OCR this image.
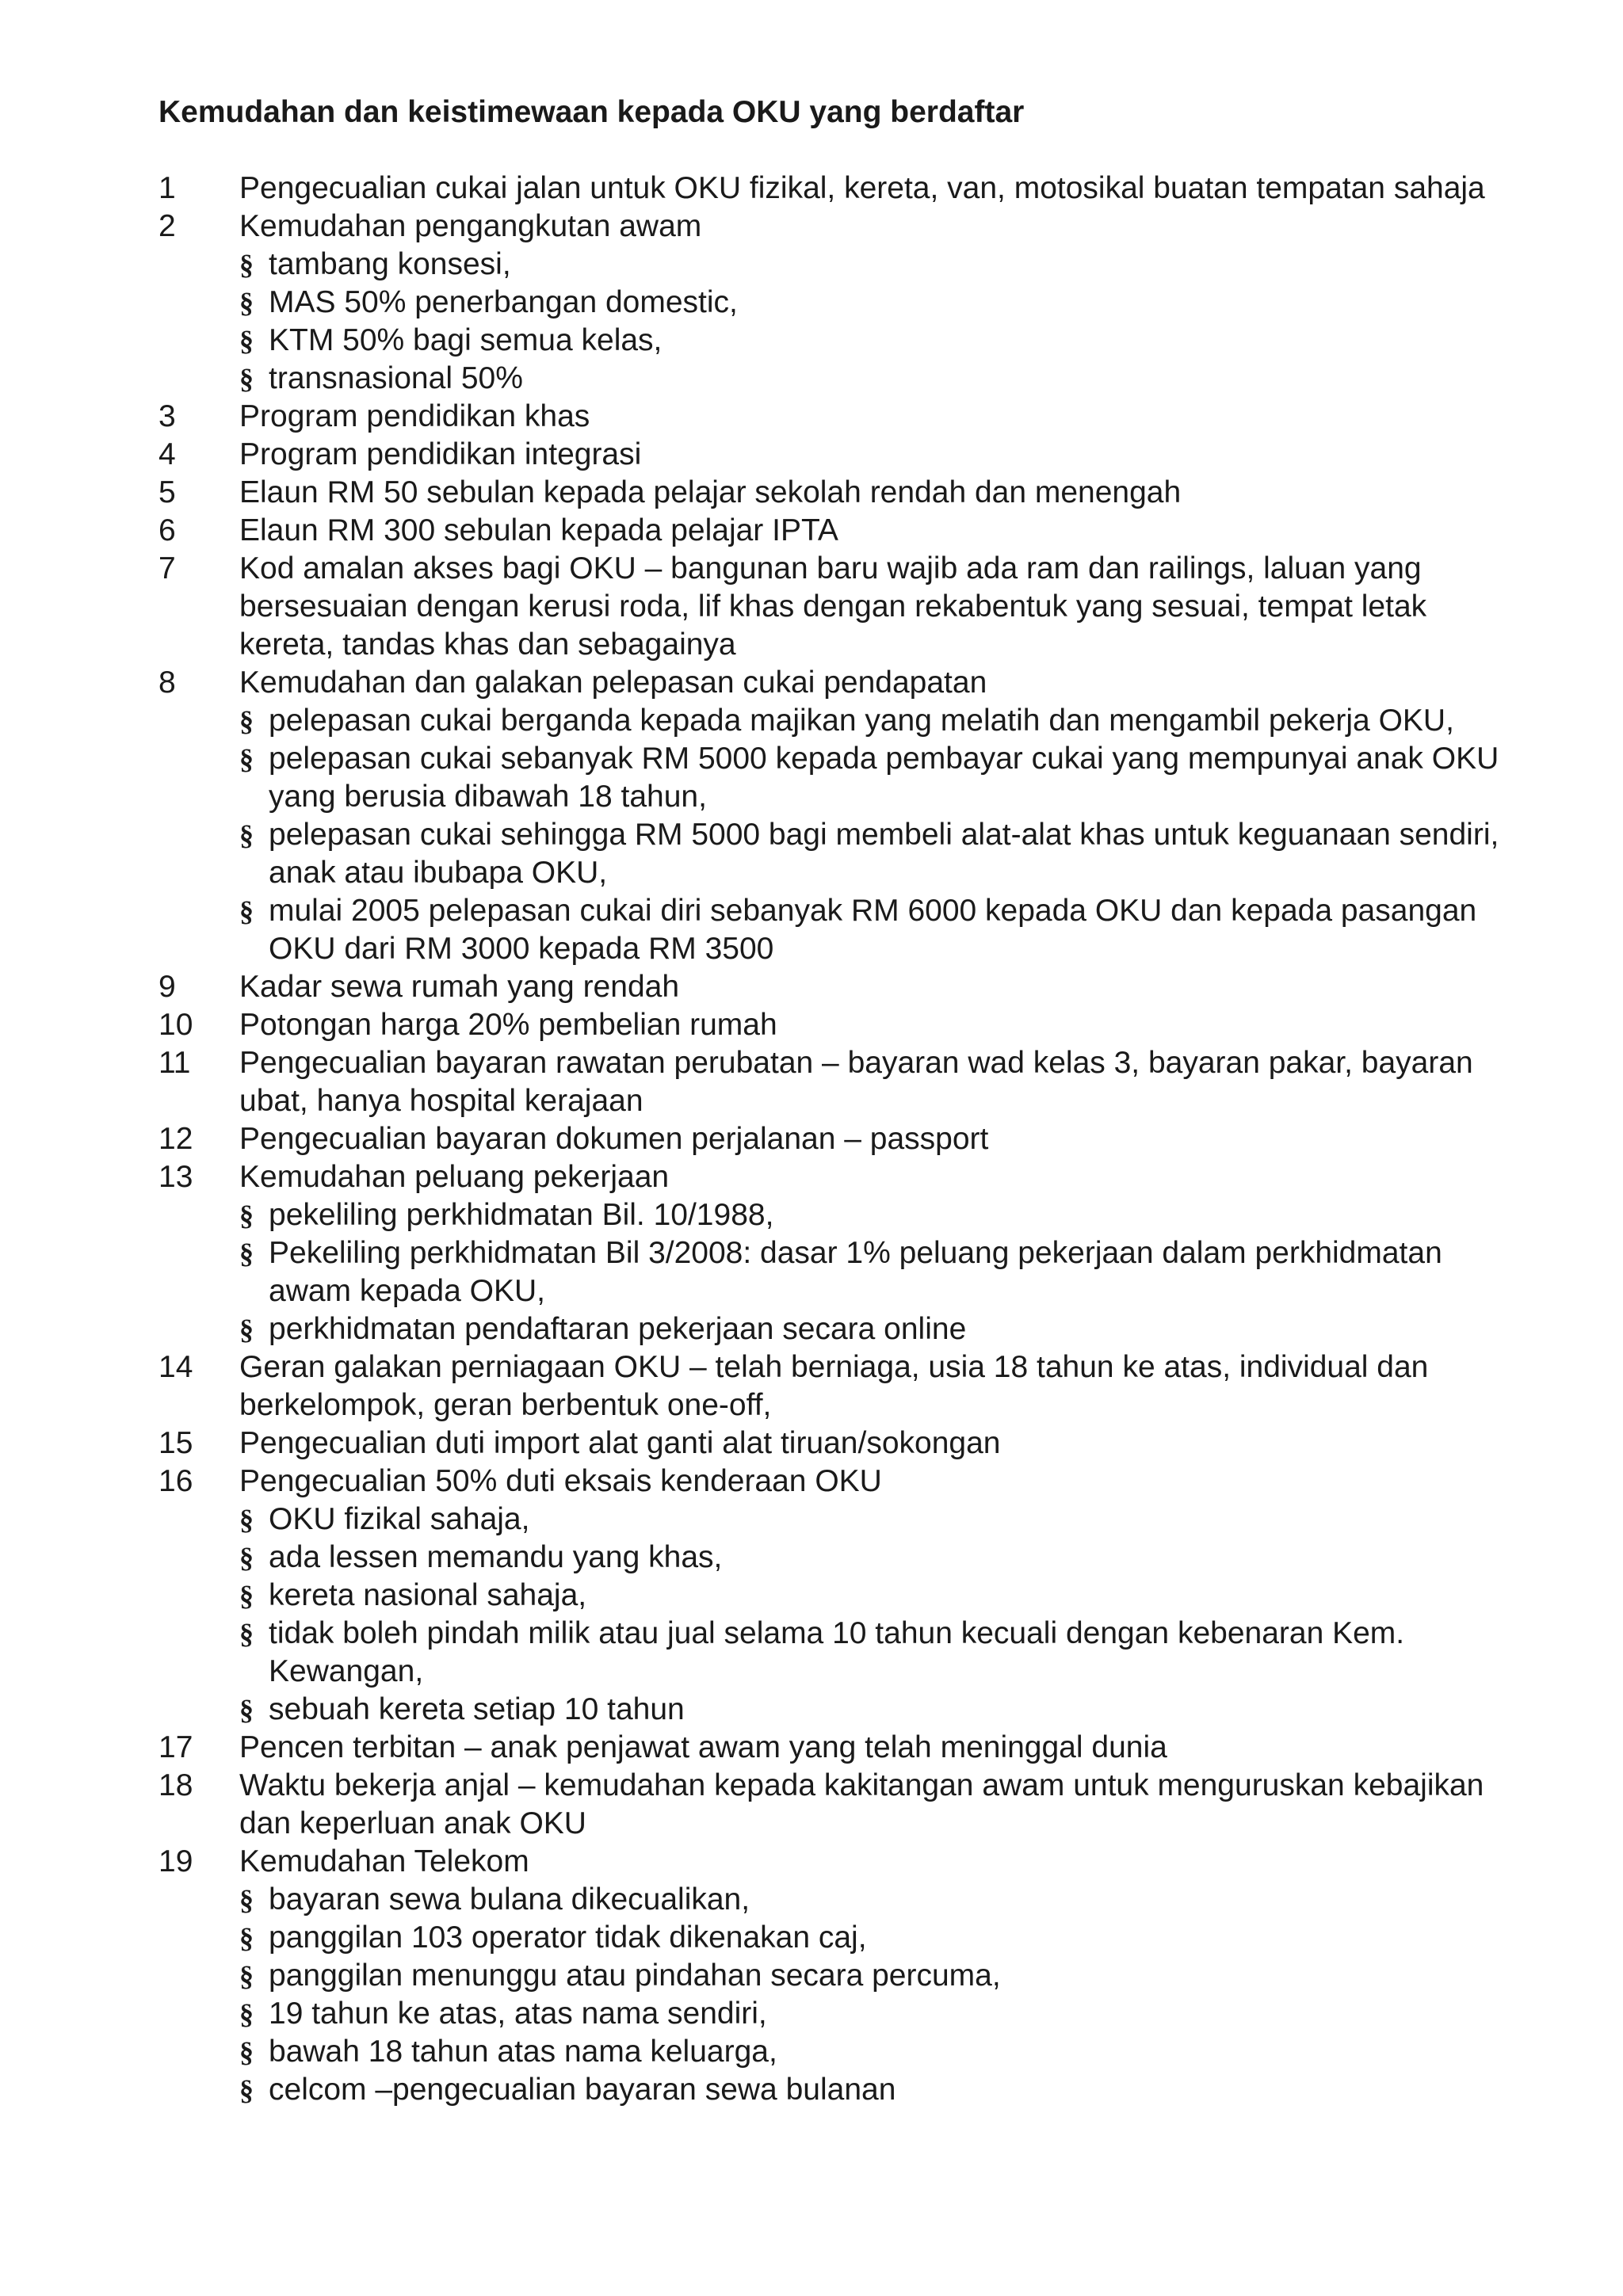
Kemudahan dan keistimewaan kepada OKU yang berdaftar
1	Pengecualian cukai jalan untuk OKU fizikal, kereta, van, motosikal buatan tempatan sahaja
2	Kemudahan pengangkutan awam
§ tambang konsesi,
§ MAS 50% penerbangan domestic,
§ KTM 50% bagi semua kelas,
§ transnasional 50%
3	Program pendidikan khas
4	Program pendidikan integrasi
5	Elaun RM 50 sebulan kepada pelajar sekolah rendah dan menengah
6	Elaun RM 300 sebulan kepada pelajar IPTA
7	Kod amalan akses bagi OKU – bangunan baru wajib ada ram dan railings, laluan yang bersesuaian dengan kerusi roda, lif khas dengan rekabentuk yang sesuai, tempat letak kereta, tandas khas dan sebagainya
8	Kemudahan dan galakan pelepasan cukai pendapatan
§ pelepasan cukai berganda kepada majikan yang melatih dan mengambil pekerja OKU,
§ pelepasan cukai sebanyak RM 5000 kepada pembayar cukai yang mempunyai anak OKU yang berusia dibawah 18 tahun,
§ pelepasan cukai sehingga RM 5000 bagi membeli alat-alat khas untuk keguanaan sendiri, anak atau ibubapa OKU,
§ mulai 2005 pelepasan cukai diri sebanyak RM 6000 kepada OKU dan kepada pasangan OKU dari RM 3000 kepada RM 3500
9	Kadar sewa rumah yang rendah
10	Potongan harga 20% pembelian rumah
11	Pengecualian bayaran rawatan perubatan – bayaran wad kelas 3, bayaran pakar, bayaran ubat, hanya hospital kerajaan
12	Pengecualian bayaran dokumen perjalanan – passport
13	Kemudahan peluang pekerjaan
§ pekeliling perkhidmatan Bil. 10/1988,
§ Pekeliling perkhidmatan Bil 3/2008: dasar 1% peluang pekerjaan dalam perkhidmatan awam kepada OKU,
§ perkhidmatan pendaftaran pekerjaan secara online
14	Geran galakan perniagaan OKU – telah berniaga, usia 18 tahun ke atas, individual dan berkelompok, geran berbentuk one-off,
15	Pengecualian duti import alat ganti alat tiruan/sokongan
16	Pengecualian 50% duti eksais kenderaan OKU
§ OKU fizikal sahaja,
§ ada lessen memandu yang khas,
§ kereta nasional sahaja,
§ tidak boleh pindah milik atau jual selama 10 tahun kecuali dengan kebenaran Kem. Kewangan,
§ sebuah kereta setiap 10 tahun
17	Pencen terbitan – anak penjawat awam yang telah meninggal dunia
18	Waktu bekerja anjal – kemudahan kepada kakitangan awam untuk menguruskan kebajikan dan keperluan anak OKU
19	Kemudahan Telekom
§ bayaran sewa bulana dikecualikan,
§ panggilan 103 operator tidak dikenakan caj,
§ panggilan menunggu atau pindahan secara percuma,
§ 19 tahun ke atas, atas nama sendiri,
§ bawah 18 tahun atas nama keluarga,
§ celcom –pengecualian bayaran sewa bulanan
